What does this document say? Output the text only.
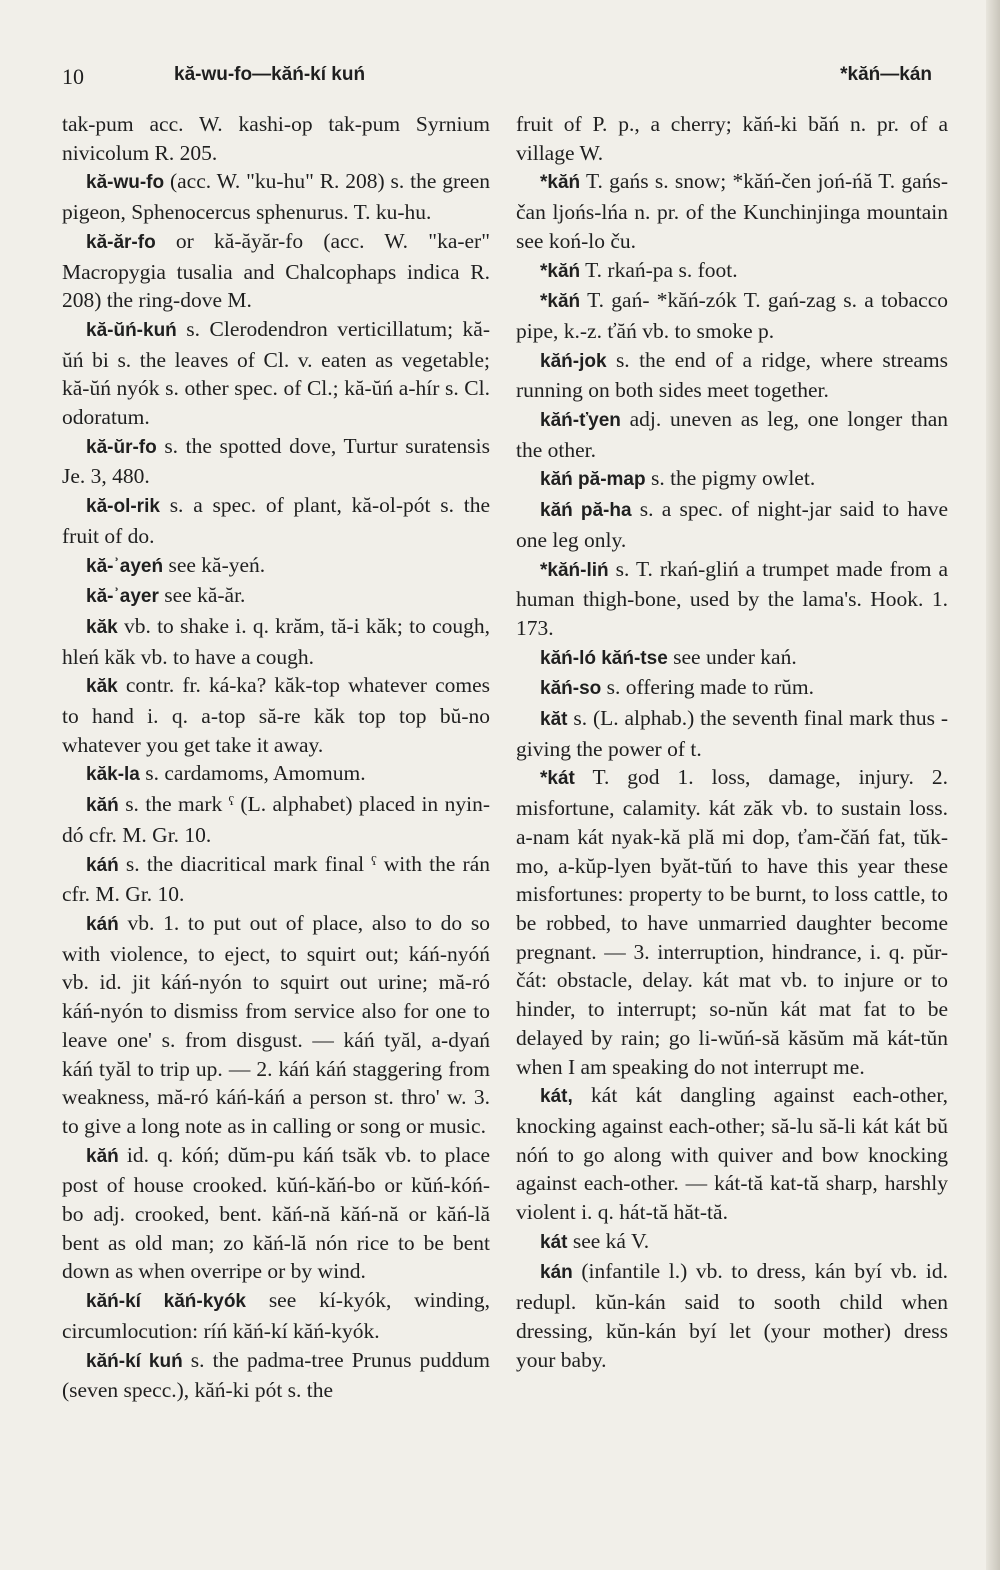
10	kă-wu-fo—kăń-kí kuń	*kăń—kán

tak-pum acc. W. kashi-op tak-pum Syrnium nivicolum R. 205.

kă-wu-fo (acc. W. "ku-hu" R. 208) s. the green pigeon, Sphenocercus sphenurus. T. ku-hu.

kă-ăr-fo or kă-ăyăr-fo (acc. W. "ka-er" Macropygia tusalia and Chalcophaps indica R. 208) the ring-dove M.

kă-ŭń-kuń s. Clerodendron verticillatum; kă-ŭń bi s. the leaves of Cl. v. eaten as vegetable; kă-ŭń nyók s. other spec. of Cl.; kă-ŭń a-hír s. Cl. odoratum.

kă-ŭr-fo s. the spotted dove, Turtur suratensis Je. 3, 480.

kă-ol-rik s. a spec. of plant, kă-ol-pót s. the fruit of do.

kă-ʾayeń see kă-yeń.

kă-ʾayer see kă-ăr.

kăk vb. to shake i. q. krăm, tă-i kăk; to cough, hleń kăk vb. to have a cough.

kăk contr. fr. ká-ka? kăk-top whatever comes to hand i. q. a-top să-re kăk top top bŭ-no whatever you get take it away.

kăk-la s. cardamoms, Amomum.

kăń s. the mark ˤ (L. alphabet) placed in nyin-dó cfr. M. Gr. 10.

káń s. the diacritical mark final ˤ with the rán cfr. M. Gr. 10.

káń vb. 1. to put out of place, also to do so with violence, to eject, to squirt out; káń-nyóń vb. id. jit káń-nyón to squirt out urine; mă-ró káń-nyón to dismiss from service also for one to leave one' s. from disgust. — káń tyăl, a-dyań káń tyăl to trip up. — 2. káń káń staggering from weakness, mă-ró káń-káń a person st. thro' w. 3. to give a long note as in calling or song or music.

kăń id. q. kóń; dŭm-pu káń tsăk vb. to place post of house crooked. kŭń-kăń-bo or kŭń-kóń-bo adj. crooked, bent. kăń-nă kăń-nă or kăń-lă bent as old man; zo kăń-lă nón rice to be bent down as when overripe or by wind.

kăń-kí kăń-kyók see kí-kyók, winding, circumlocution: ríń kăń-kí kăń-kyók.

kăń-kí kuń s. the padma-tree Prunus puddum (seven specc.), kăń-ki pót s. the

fruit of P. p., a cherry; kăń-ki băń n. pr. of a village W.

*kăń T. gańs s. snow; *kăń-čen joń-ńă T. gańs-čan ljońs-lńa n. pr. of the Kunchinjinga mountain see koń-lo ču.

*kăń T. rkań-pa s. foot.

*kăń T. gań- *kăń-zók T. gań-zag s. a tobacco pipe, k.-z. ťăń vb. to smoke p.

kăń-jok s. the end of a ridge, where streams running on both sides meet together.

kăń-ťyen adj. uneven as leg, one longer than the other.

kăń pă-map s. the pigmy owlet.

kăń pă-ha s. a spec. of night-jar said to have one leg only.

*kăń-liń s. T. rkań-gliń a trumpet made from a human thigh-bone, used by the lama's. Hook. 1. 173.

kăń-ló kăń-tse see under kań.

kăń-so s. offering made to rŭm.

kăt s. (L. alphab.) the seventh final mark thus - giving the power of t.

*kát T. god 1. loss, damage, injury. 2. misfortune, calamity. kát zăk vb. to sustain loss. a-nam kát nyak-kă plă mi dop, ťam-čăń fat, tŭk-mo, a-kŭp-lyen byăt-tŭń to have this year these misfortunes: property to be burnt, to loss cattle, to be robbed, to have unmarried daughter become pregnant. — 3. interruption, hindrance, i. q. pŭr-čát: obstacle, delay. kát mat vb. to injure or to hinder, to interrupt; so-nŭn kát mat fat to be delayed by rain; go li-wŭń-să kăsŭm mă kát-tŭn when I am speaking do not interrupt me.

kát, kát kát dangling against each-other, knocking against each-other; să-lu să-li kát kát bŭ nóń to go along with quiver and bow knocking against each-other. — kát-tă kat-tă sharp, harshly violent i. q. hát-tă hăt-tă.

kát see ká V.

kán (infantile l.) vb. to dress, kán byí vb. id. redupl. kŭn-kán said to sooth child when dressing, kŭn-kán byí let (your mother) dress your baby.
